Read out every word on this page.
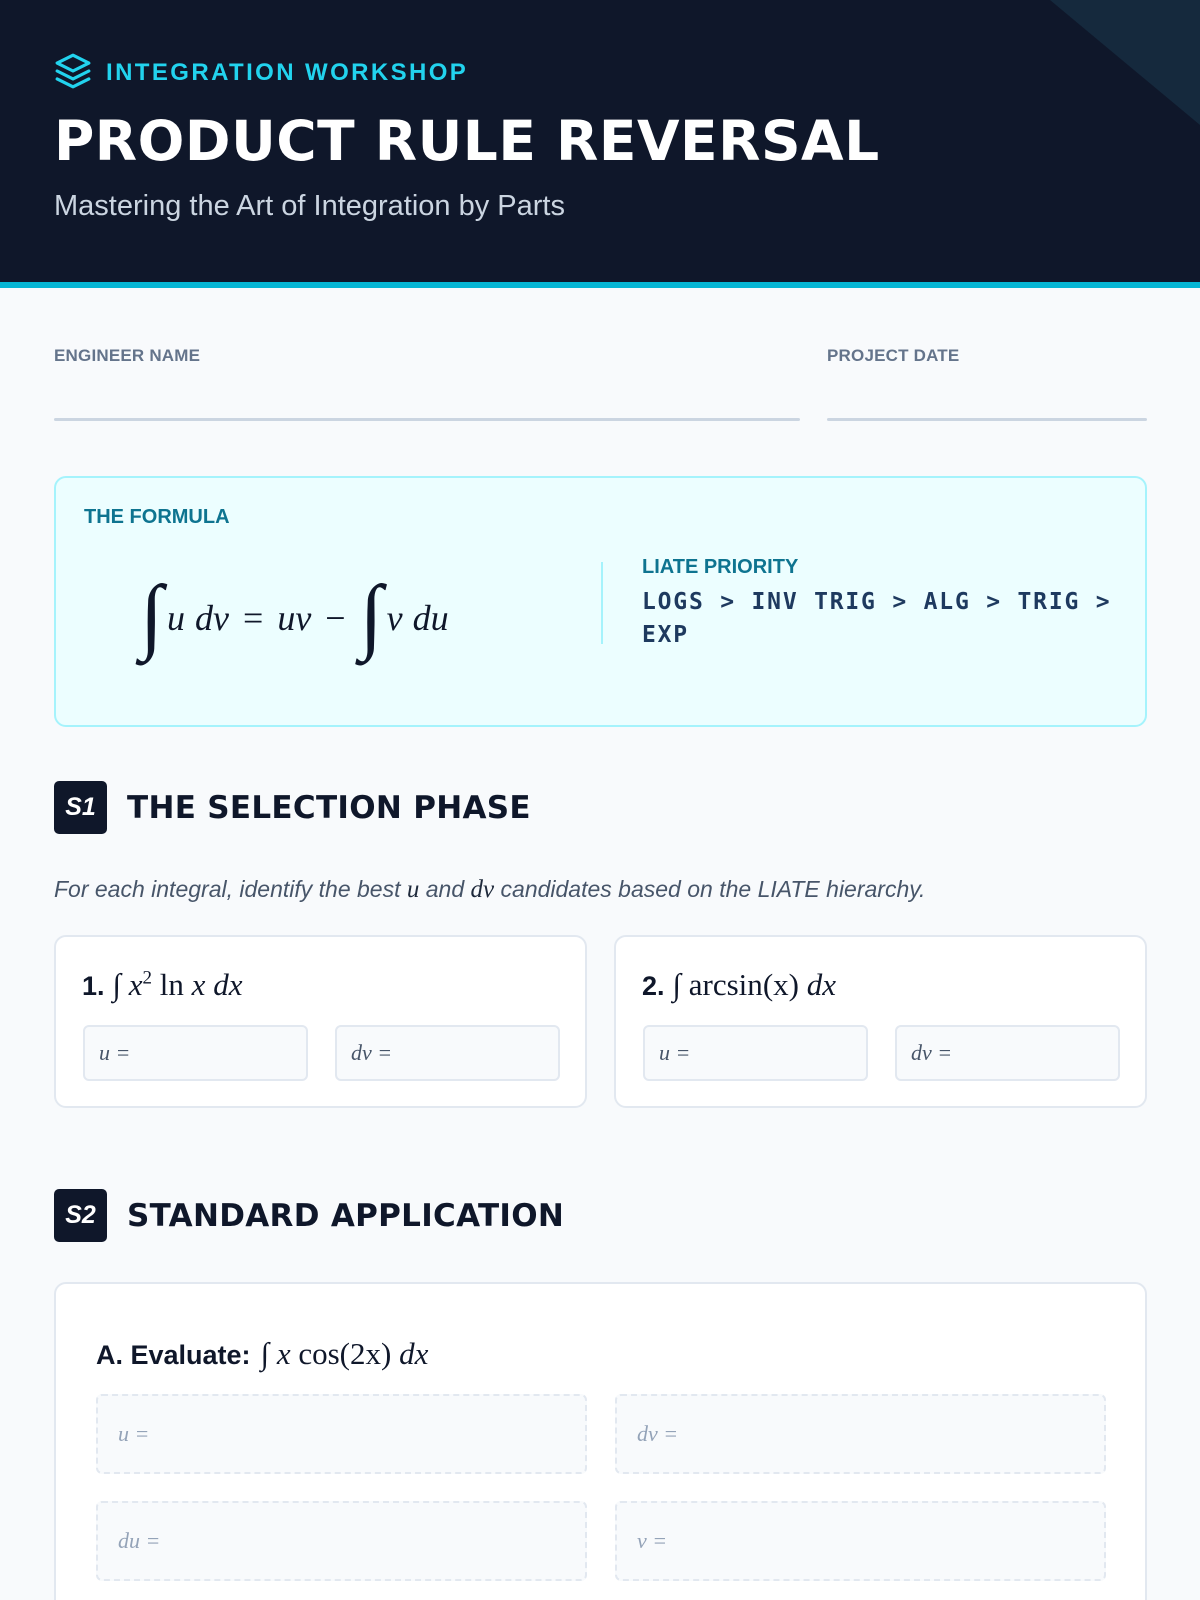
INTEGRATION WORKSHOP
PRODUCT RULE REVERSAL
Mastering the Art of Integration by Parts
ENGINEER NAME	PROJECT DATE
THE FORMULA
∫ u dv = uv − ∫ v du
LIATE PRIORITY
LOGS > INV TRIG > ALG > TRIG > EXP
S1	THE SELECTION PHASE
For each integral, identify the best u and dv candidates based on the LIATE hierarchy.
1. ∫ $x^2$ ln x dx
u =	dv =
2. ∫ arcsin(x) dx
u =	dv =
S2	STANDARD APPLICATION
A. Evaluate: ∫ x cos(2x) dx
u =	dv =
du =	v =
